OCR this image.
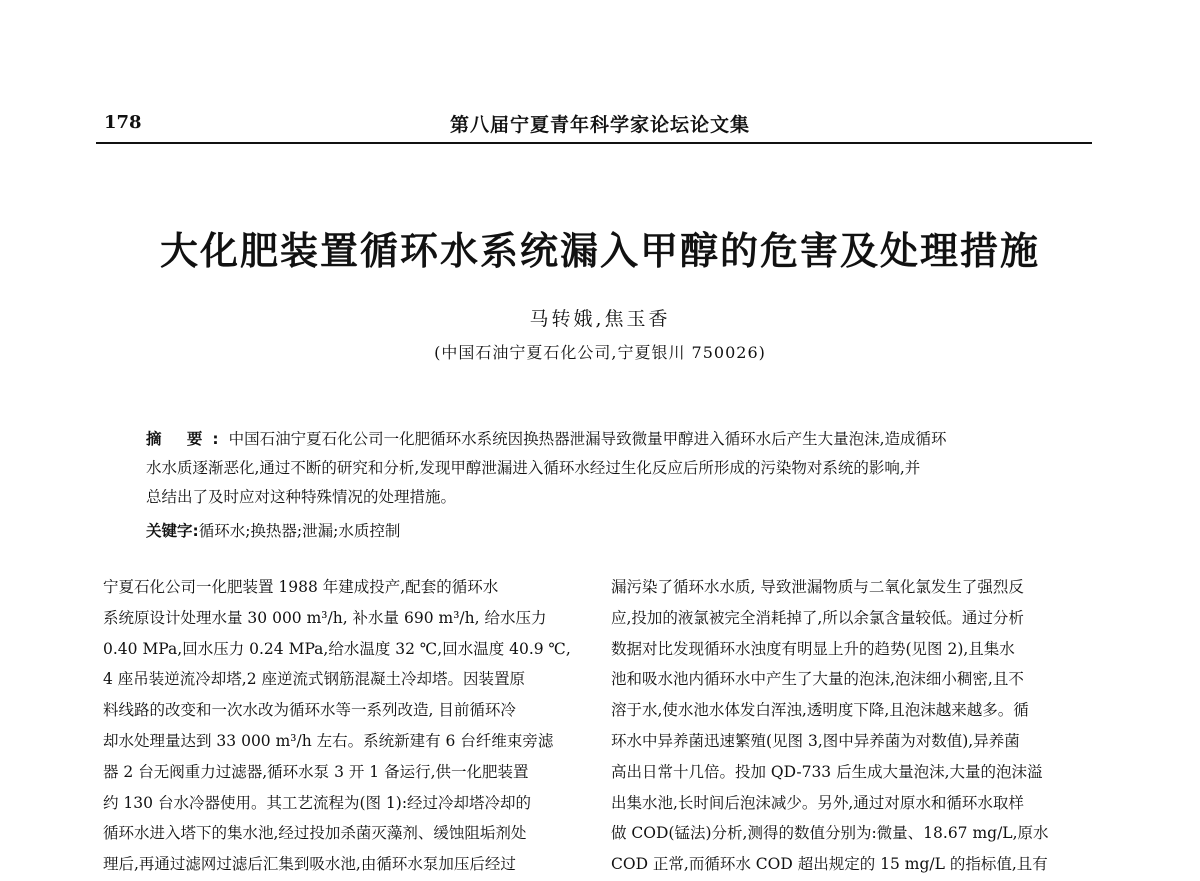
178	第八届宁夏青年科学家论坛论文集
大化肥装置循环水系统漏入甲醇的危害及处理措施
马转娥,焦玉香
(中国石油宁夏石化公司,宁夏银川 750026)
摘 要:中国石油宁夏石化公司一化肥循环水系统因换热器泄漏导致微量甲醇进入循环水后产生大量泡沫,造成循环
水水质逐渐恶化,通过不断的研究和分析,发现甲醇泄漏进入循环水经过生化反应后所形成的污染物对系统的影响,并
总结出了及时应对这种特殊情况的处理措施。
关键字:循环水;换热器;泄漏;水质控制
宁夏石化公司一化肥装置 1988 年建成投产,配套的循环水
系统原设计处理水量 30 000 m³/h, 补水量 690 m³/h, 给水压力
0.40 MPa,回水压力 0.24 MPa,给水温度 32 ℃,回水温度 40.9 ℃,
4 座吊装逆流冷却塔,2 座逆流式钢筋混凝土冷却塔。因装置原
料线路的改变和一次水改为循环水等一系列改造, 目前循环冷
却水处理量达到 33 000 m³/h 左右。系统新建有 6 台纤维束旁滤
器 2 台无阀重力过滤器,循环水泵 3 开 1 备运行,供一化肥装置
约 130 台水冷器使用。其工艺流程为(图 1):经过冷却塔冷却的
循环水进入塔下的集水池,经过投加杀菌灭藻剂、缓蚀阻垢剂处
理后,再通过滤网过滤后汇集到吸水池,由循环水泵加压后经过
漏污染了循环水水质, 导致泄漏物质与二氧化氯发生了强烈反
应,投加的液氯被完全消耗掉了,所以余氯含量较低。通过分析
数据对比发现循环水浊度有明显上升的趋势(见图 2),且集水
池和吸水池内循环水中产生了大量的泡沫,泡沫细小稠密,且不
溶于水,使水池水体发白浑浊,透明度下降,且泡沫越来越多。循
环水中异养菌迅速繁殖(见图 3,图中异养菌为对数值),异养菌
高出日常十几倍。投加 QD-733 后生成大量泡沫,大量的泡沫溢
出集水池,长时间后泡沫减少。另外,通过对原水和循环水取样
做 COD(锰法)分析,测得的数值分别为:微量、18.67 mg/L,原水
COD 正常,而循环水 COD 超出规定的 15 mg/L 的指标值,且有
